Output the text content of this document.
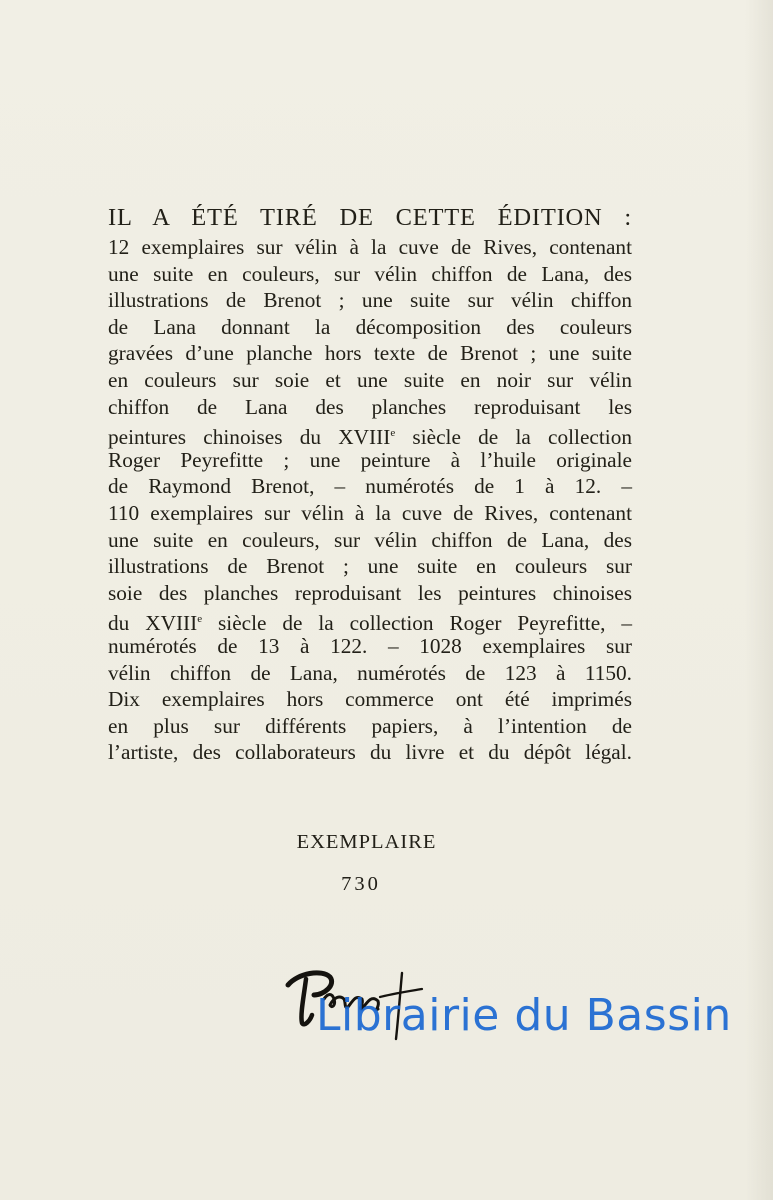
IL A ÉTÉ TIRÉ DE CETTE ÉDITION :
12 exemplaires sur vélin à la cuve de Rives, contenant
une suite en couleurs, sur vélin chiffon de Lana, des
illustrations de Brenot ; une suite sur vélin chiffon
de Lana donnant la décomposition des couleurs
gravées d’une planche hors texte de Brenot ; une suite
en couleurs sur soie et une suite en noir sur vélin
chiffon de Lana des planches reproduisant les
peintures chinoises du XVIIIe siècle de la collection
Roger Peyrefitte ; une peinture à l’huile originale
de Raymond Brenot, – numérotés de 1 à 12. –
110 exemplaires sur vélin à la cuve de Rives, contenant
une suite en couleurs, sur vélin chiffon de Lana, des
illustrations de Brenot ; une suite en couleurs sur
soie des planches reproduisant les peintures chinoises
du XVIIIe siècle de la collection Roger Peyrefitte, –
numérotés de 13 à 122. – 1028 exemplaires sur
vélin chiffon de Lana, numérotés de 123 à 1150.
Dix exemplaires hors commerce ont été imprimés
en plus sur différents papiers, à l’intention de
l’artiste, des collaborateurs du livre et du dépôt légal.
EXEMPLAIRE
730
Librairie du Bassin
